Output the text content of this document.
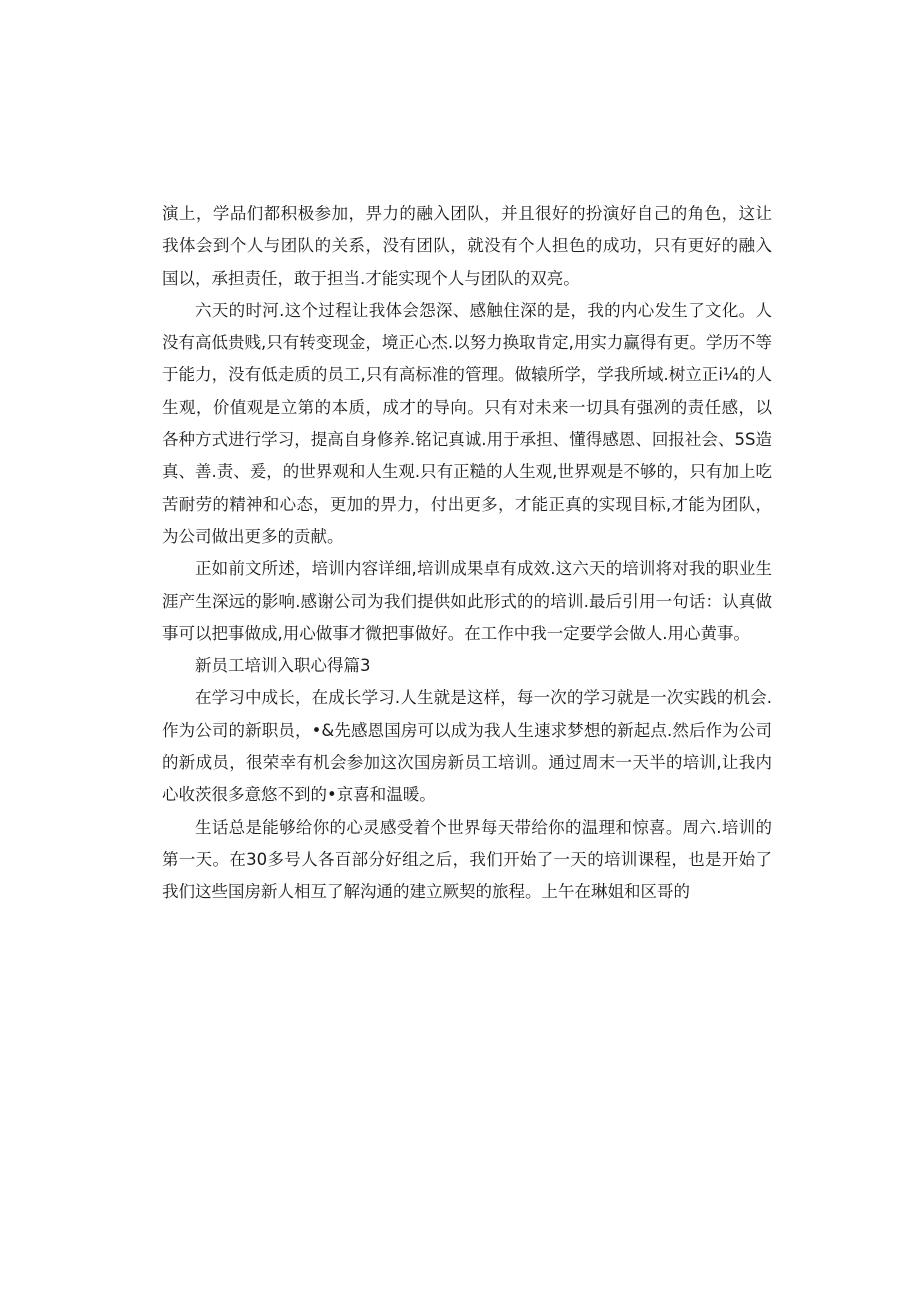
演上，学品们都积极参加，畀力的融入团队，并且很好的扮演好自己的角色，这让我体会到个人与团队的关系，没有团队，就没有个人担色的成功，只有更好的融入国以，承担责任，敢于担当.才能实现个人与团队的双亮。

六天的时河.这个过程让我体会怨深、感触住深的是，我的内心发生了文化。人没有高低贵贱,只有转变现金，境正心杰.以努力换取肯定,用实力赢得有更。学历不等于能力，没有低走质的员工,只有高标准的管理。做辕所学，学我所域.树立正i¼的人生观，价值观是立第的本质，成才的导向。只有对未来一切具有强冽的责任感，以各种方式进行学习，提高自身修养.铭记真诚.用于承担、懂得感恩、回报社会、5S造真、善.责、爰，的世界观和人生观.只有正糙的人生观,世界观是不够的，只有加上吃苦耐劳的精神和心态，更加的畀力，付出更多，才能正真的实现目标,才能为团队，为公司做出更多的贡献。

正如前文所述，培训内容详细,培训成果卓有成效.这六天的培训将对我的职业生涯产生深远的影响.感谢公司为我们提供如此形式的的培训.最后引用一句话：认真做事可以把事做成,用心做事才微把事做好。在工作中我一定要学会做人.用心黄事。

新员工培训入职心得篇3

在学习中成长，在成长学习.人生就是这样，每一次的学习就是一次实践的机会.作为公司的新职员，•&先感恩国房可以成为我人生速求梦想的新起点.然后作为公司的新成员，很荣幸有机会参加这次国房新员工培训。通过周末一天半的培训,让我内心收茨很多意悠不到的•京喜和温暖。

生话总是能够给你的心灵感受着个世界每天带给你的温理和惊喜。周六.培训的第一天。在30多号人各百部分好组之后，我们开始了一天的培训课程，也是开始了我们这些国房新人相互了解沟通的建立厥契的旅程。上午在琳姐和区哥的
